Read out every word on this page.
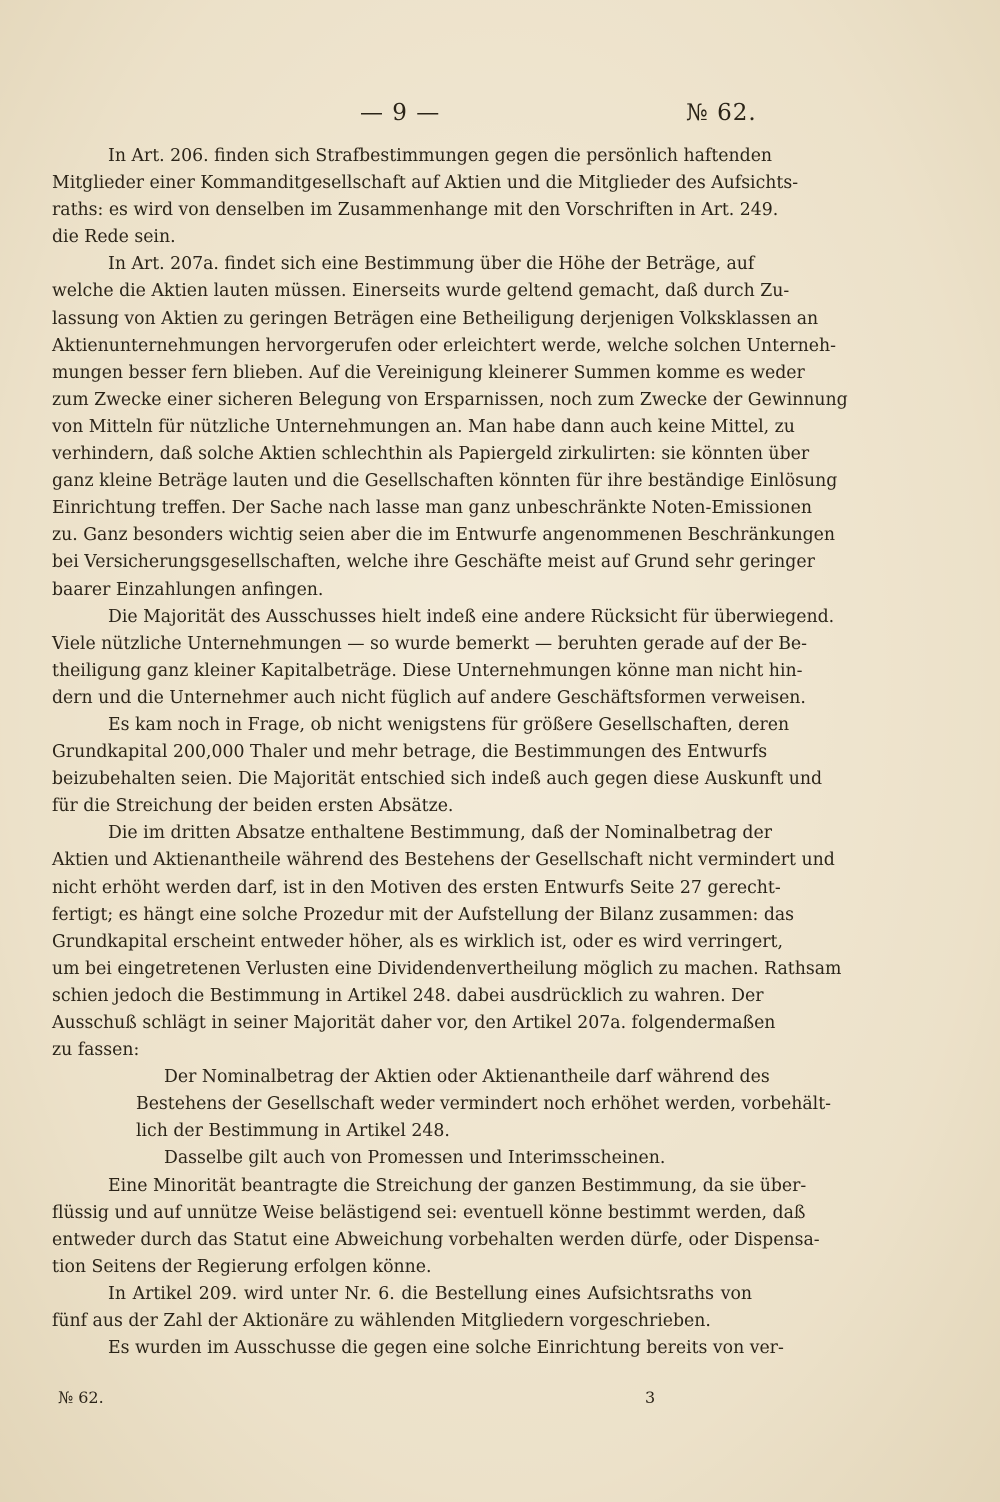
— 9 —	№ 62.
In Art. 206. finden sich Strafbestimmungen gegen die persönlich haftenden
Mitglieder einer Kommanditgesellschaft auf Aktien und die Mitglieder des Aufsichts-
raths: es wird von denselben im Zusammenhange mit den Vorschriften in Art. 249.
die Rede sein.
In Art. 207a. findet sich eine Bestimmung über die Höhe der Beträge, auf
welche die Aktien lauten müssen. Einerseits wurde geltend gemacht, daß durch Zu-
lassung von Aktien zu geringen Beträgen eine Betheiligung derjenigen Volksklassen an
Aktienunternehmungen hervorgerufen oder erleichtert werde, welche solchen Unterneh-
mungen besser fern blieben. Auf die Vereinigung kleinerer Summen komme es weder
zum Zwecke einer sicheren Belegung von Ersparnissen, noch zum Zwecke der Gewinnung
von Mitteln für nützliche Unternehmungen an. Man habe dann auch keine Mittel, zu
verhindern, daß solche Aktien schlechthin als Papiergeld zirkulirten: sie könnten über
ganz kleine Beträge lauten und die Gesellschaften könnten für ihre beständige Einlösung
Einrichtung treffen. Der Sache nach lasse man ganz unbeschränkte Noten-Emissionen
zu. Ganz besonders wichtig seien aber die im Entwurfe angenommenen Beschränkungen
bei Versicherungsgesellschaften, welche ihre Geschäfte meist auf Grund sehr geringer
baarer Einzahlungen anfingen.
Die Majorität des Ausschusses hielt indeß eine andere Rücksicht für überwiegend.
Viele nützliche Unternehmungen — so wurde bemerkt — beruhten gerade auf der Be-
theiligung ganz kleiner Kapitalbeträge. Diese Unternehmungen könne man nicht hin-
dern und die Unternehmer auch nicht füglich auf andere Geschäftsformen verweisen.
Es kam noch in Frage, ob nicht wenigstens für größere Gesellschaften, deren
Grundkapital 200,000 Thaler und mehr betrage, die Bestimmungen des Entwurfs
beizubehalten seien. Die Majorität entschied sich indeß auch gegen diese Auskunft und
für die Streichung der beiden ersten Absätze.
Die im dritten Absatze enthaltene Bestimmung, daß der Nominalbetrag der
Aktien und Aktienantheile während des Bestehens der Gesellschaft nicht vermindert und
nicht erhöht werden darf, ist in den Motiven des ersten Entwurfs Seite 27 gerecht-
fertigt; es hängt eine solche Prozedur mit der Aufstellung der Bilanz zusammen: das
Grundkapital erscheint entweder höher, als es wirklich ist, oder es wird verringert,
um bei eingetretenen Verlusten eine Dividendenvertheilung möglich zu machen. Rathsam
schien jedoch die Bestimmung in Artikel 248. dabei ausdrücklich zu wahren. Der
Ausschuß schlägt in seiner Majorität daher vor, den Artikel 207a. folgendermaßen
zu fassen:
Der Nominalbetrag der Aktien oder Aktienantheile darf während des
Bestehens der Gesellschaft weder vermindert noch erhöhet werden, vorbehält-
lich der Bestimmung in Artikel 248.
Dasselbe gilt auch von Promessen und Interimsscheinen.
Eine Minorität beantragte die Streichung der ganzen Bestimmung, da sie über-
flüssig und auf unnütze Weise belästigend sei: eventuell könne bestimmt werden, daß
entweder durch das Statut eine Abweichung vorbehalten werden dürfe, oder Dispensa-
tion Seitens der Regierung erfolgen könne.
In Artikel 209. wird unter Nr. 6. die Bestellung eines Aufsichtsraths von
fünf aus der Zahl der Aktionäre zu wählenden Mitgliedern vorgeschrieben.
Es wurden im Ausschusse die gegen eine solche Einrichtung bereits von ver-
№ 62.	3
